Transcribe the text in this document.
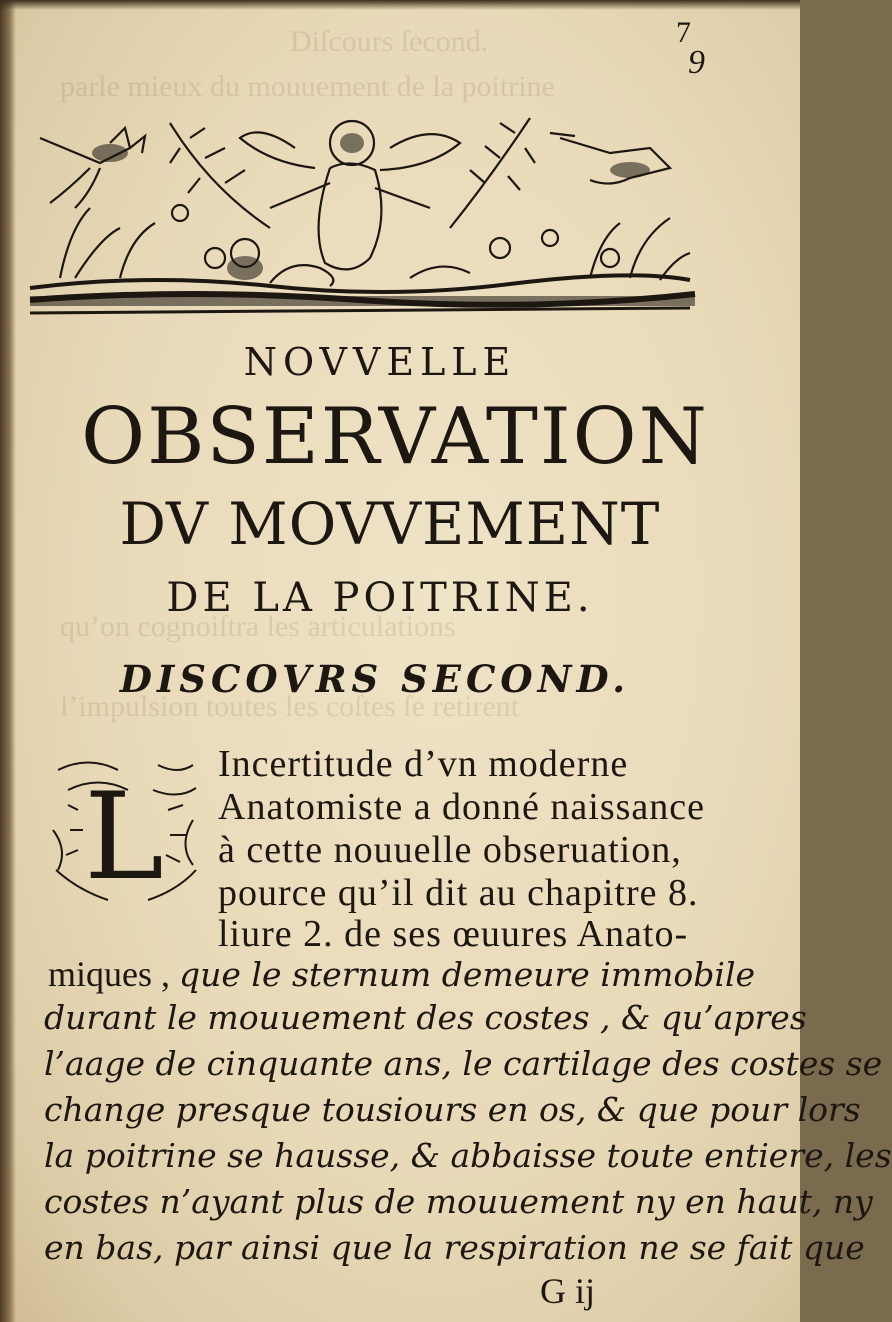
Diſcours ſecond.
parle mieux du mouuement de la poitrine
qu’on cognoiſtra les articulations
l’impulsion toutes les coſtes ſe retirent
7
9
NOVVELLE
OBSERVATION
DV MOVVEMENT
DE LA POITRINE.
DISCOVRS SECOND.
L
Incertitude d’vn moderne
Anatomiste a donné naissance
à cette nouuelle obseruation,
pource qu’il dit au chapitre 8.
liure 2. de ses œuures Anato-
miques , que le sternum demeure immobile
durant le mouuement des costes , & qu’apres
l’aage de cinquante ans, le cartilage des costes se
change presque tousiours en os, & que pour lors
la poitrine se hausse, & abbaisse toute entiere, les
costes n’ayant plus de mouuement ny en haut, ny
en bas, par ainsi que la respiration ne se fait que
G ij
